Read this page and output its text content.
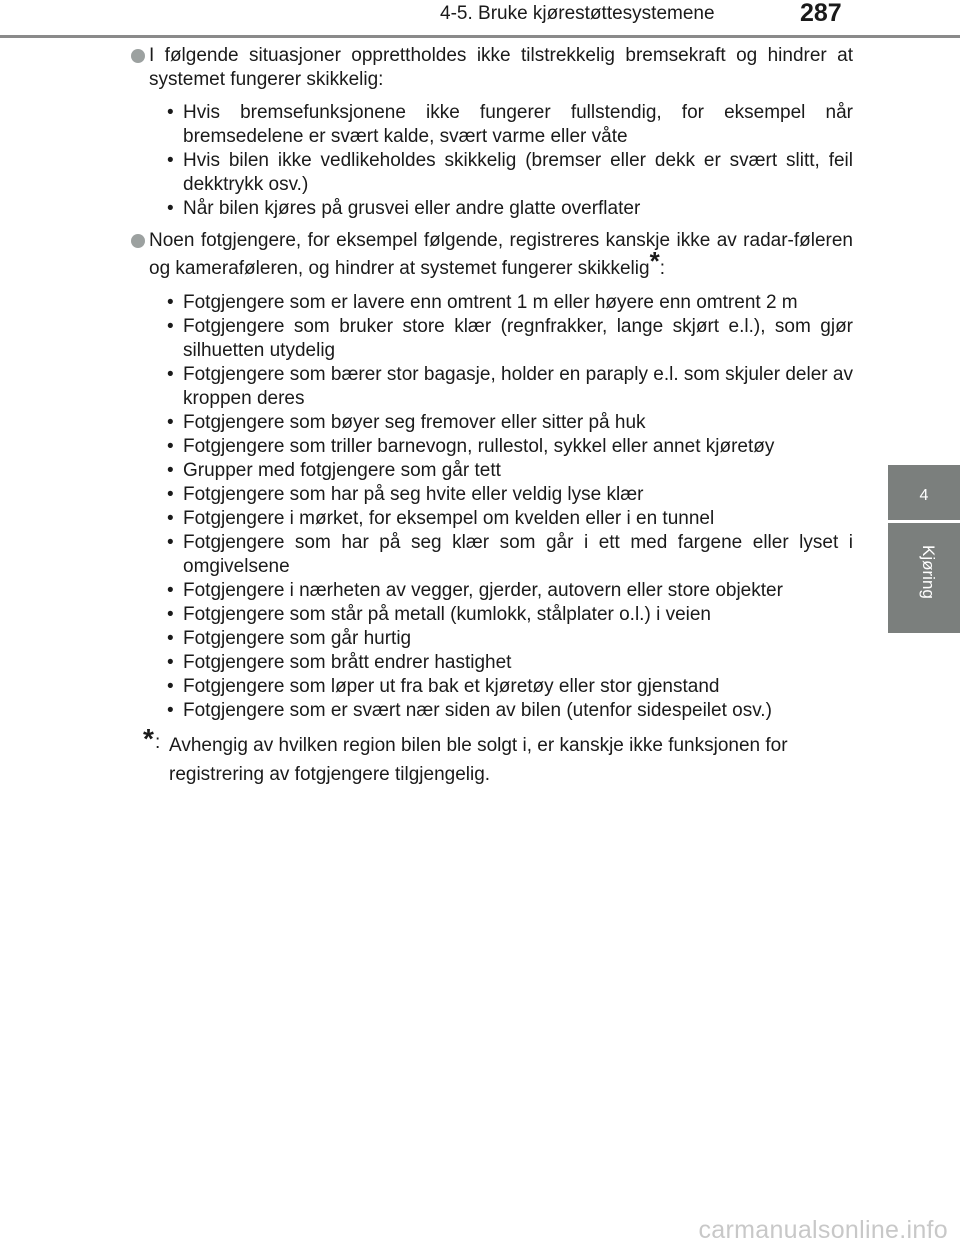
4-5. Bruke kjørestøttesystemene	287
4
Kjøring

I følgende situasjoner opprettholdes ikke tilstrekkelig bremsekraft og hindrer at systemet fungerer skikkelig:

• Hvis bremsefunksjonene ikke fungerer fullstendig, for eksempel når bremsedelene er svært kalde, svært varme eller våte
• Hvis bilen ikke vedlikeholdes skikkelig (bremser eller dekk er svært slitt, feil dekktrykk osv.)
• Når bilen kjøres på grusvei eller andre glatte overflater

Noen fotgjengere, for eksempel følgende, registreres kanskje ikke av radar-føleren og kameraføleren, og hindrer at systemet fungerer skikkelig*:

• Fotgjengere som er lavere enn omtrent 1 m eller høyere enn omtrent 2 m
• Fotgjengere som bruker store klær (regnfrakker, lange skjørt e.l.), som gjør silhuetten utydelig
• Fotgjengere som bærer stor bagasje, holder en paraply e.l. som skjuler deler av kroppen deres
• Fotgjengere som bøyer seg fremover eller sitter på huk
• Fotgjengere som triller barnevogn, rullestol, sykkel eller annet kjøretøy
• Grupper med fotgjengere som går tett
• Fotgjengere som har på seg hvite eller veldig lyse klær
• Fotgjengere i mørket, for eksempel om kvelden eller i en tunnel
• Fotgjengere som har på seg klær som går i ett med fargene eller lyset i omgivelsene
• Fotgjengere i nærheten av vegger, gjerder, autovern eller store objekter
• Fotgjengere som står på metall (kumlokk, stålplater o.l.) i veien
• Fotgjengere som går hurtig
• Fotgjengere som brått endrer hastighet
• Fotgjengere som løper ut fra bak et kjøretøy eller stor gjenstand
• Fotgjengere som er svært nær siden av bilen (utenfor sidespeilet osv.)
* : Avhengig av hvilken region bilen ble solgt i, er kanskje ikke funksjonen for registrering av fotgjengere tilgjengelig.
carmanualsonline.info
